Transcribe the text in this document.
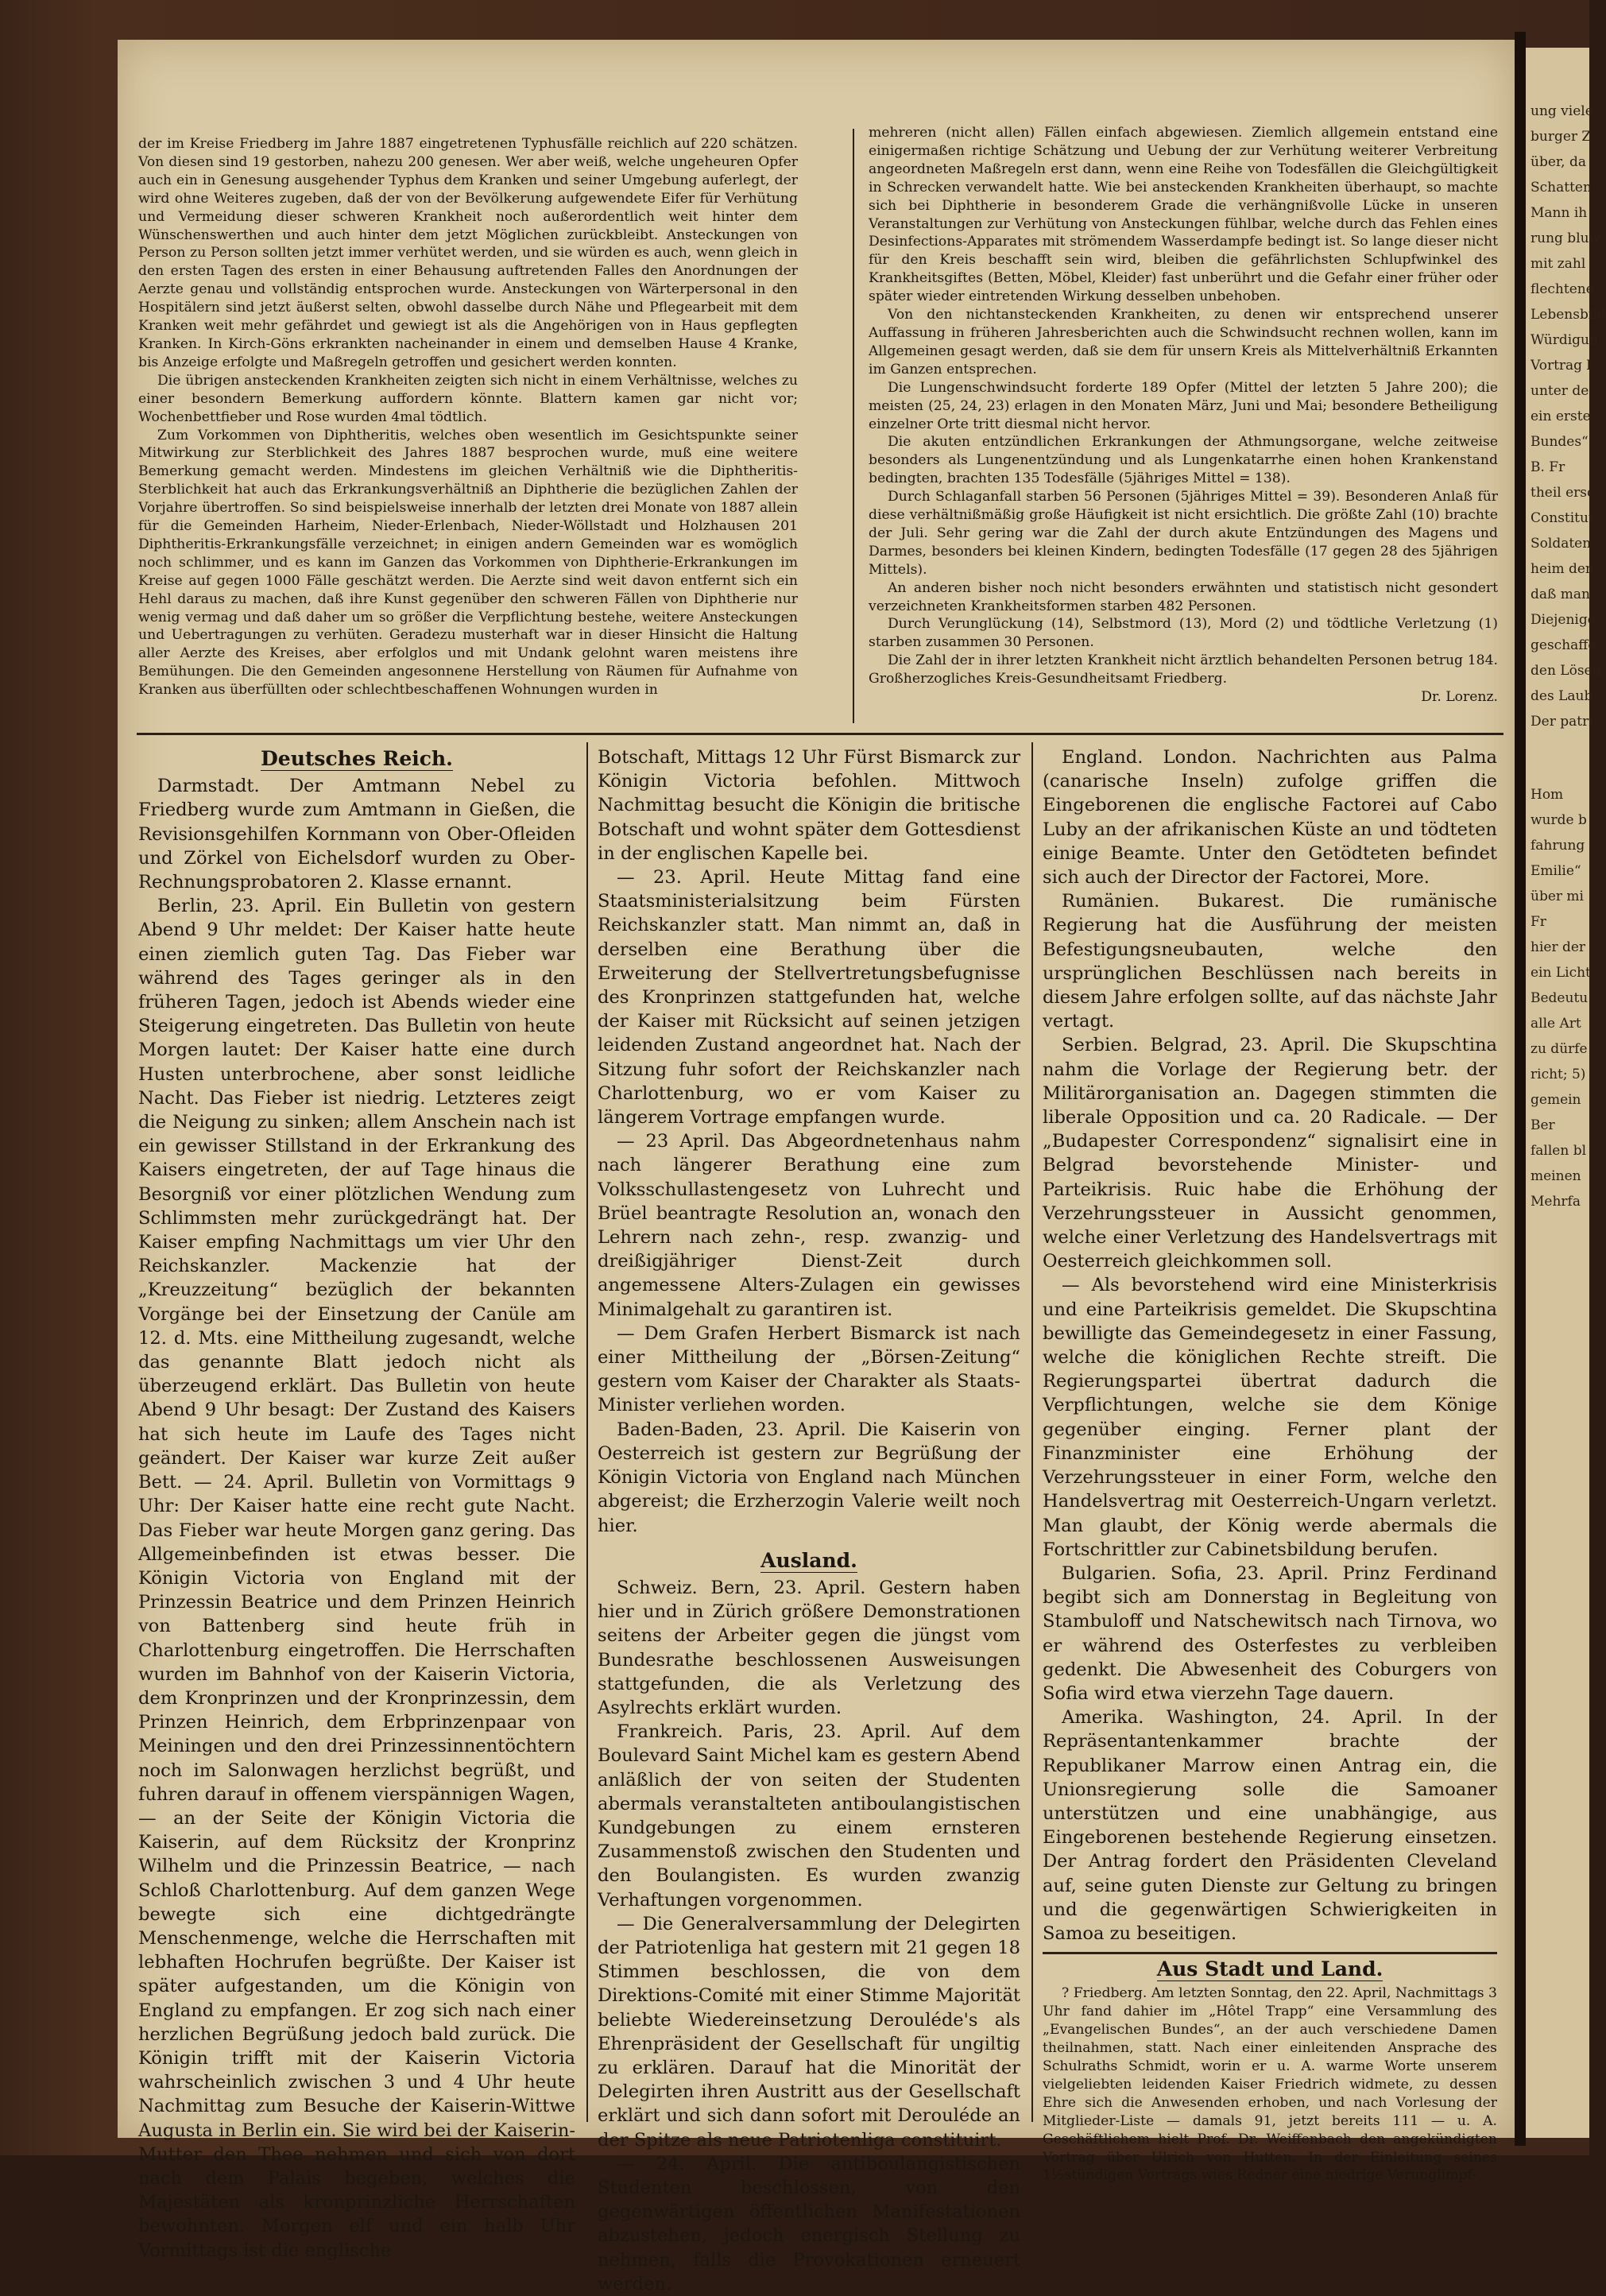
der im Kreise Friedberg im Jahre 1887 eingetretenen Typhusfälle reichlich auf 220 schätzen. Von diesen sind 19 gestorben, nahezu 200 genesen. Wer aber weiß, welche ungeheuren Opfer auch ein in Genesung ausgehender Typhus dem Kranken und seiner Umgebung auferlegt, der wird ohne Weiteres zugeben, daß der von der Bevölkerung aufgewendete Eifer für Verhütung und Vermeidung dieser schweren Krankheit noch außerordentlich weit hinter dem Wünschenswerthen und auch hinter dem jetzt Möglichen zurückbleibt. Ansteckungen von Person zu Person sollten jetzt immer verhütet werden, und sie würden es auch, wenn gleich in den ersten Tagen des ersten in einer Behausung auftretenden Falles den Anordnungen der Aerzte genau und vollständig entsprochen wurde. Ansteckungen von Wärterpersonal in den Hospitälern sind jetzt äußerst selten, obwohl dasselbe durch Nähe und Pflegearbeit mit dem Kranken weit mehr gefährdet und gewiegt ist als die Angehörigen von in Haus gepflegten Kranken. In Kirch-Göns erkrankten nacheinander in einem und demselben Hause 4 Kranke, bis Anzeige erfolgte und Maßregeln getroffen und gesichert werden konnten.

Die übrigen ansteckenden Krankheiten zeigten sich nicht in einem Verhältnisse, welches zu einer besondern Bemerkung auffordern könnte. Blattern kamen gar nicht vor; Wochenbettfieber und Rose wurden 4mal tödtlich.

Zum Vorkommen von Diphtheritis, welches oben wesentlich im Gesichtspunkte seiner Mitwirkung zur Sterblichkeit des Jahres 1887 besprochen wurde, muß eine weitere Bemerkung gemacht werden. Mindestens im gleichen Verhältniß wie die Diphtheritis-Sterblichkeit hat auch das Erkrankungsverhältniß an Diphtherie die bezüglichen Zahlen der Vorjahre übertroffen. So sind beispielsweise innerhalb der letzten drei Monate von 1887 allein für die Gemeinden Harheim, Nieder-Erlenbach, Nieder-Wöllstadt und Holzhausen 201 Diphtheritis-Erkrankungsfälle verzeichnet; in einigen andern Gemeinden war es womöglich noch schlimmer, und es kann im Ganzen das Vorkommen von Diphtherie-Erkrankungen im Kreise auf gegen 1000 Fälle geschätzt werden. Die Aerzte sind weit davon entfernt sich ein Hehl daraus zu machen, daß ihre Kunst gegenüber den schweren Fällen von Diphtherie nur wenig vermag und daß daher um so größer die Verpflichtung bestehe, weitere Ansteckungen und Uebertragungen zu verhüten. Geradezu musterhaft war in dieser Hinsicht die Haltung aller Aerzte des Kreises, aber erfolglos und mit Undank gelohnt waren meistens ihre Bemühungen. Die den Gemeinden angesonnene Herstellung von Räumen für Aufnahme von Kranken aus überfüllten oder schlechtbeschaffenen Wohnungen wurden in

mehreren (nicht allen) Fällen einfach abgewiesen. Ziemlich allgemein entstand eine einigermaßen richtige Schätzung und Uebung der zur Verhütung weiterer Verbreitung angeordneten Maßregeln erst dann, wenn eine Reihe von Todesfällen die Gleichgültigkeit in Schrecken verwandelt hatte. Wie bei ansteckenden Krankheiten überhaupt, so machte sich bei Diphtherie in besonderem Grade die verhängnißvolle Lücke in unseren Veranstaltungen zur Verhütung von Ansteckungen fühlbar, welche durch das Fehlen eines Desinfections-Apparates mit strömendem Wasserdampfe bedingt ist. So lange dieser nicht für den Kreis beschafft sein wird, bleiben die gefährlichsten Schlupfwinkel des Krankheitsgiftes (Betten, Möbel, Kleider) fast unberührt und die Gefahr einer früher oder später wieder eintretenden Wirkung desselben unbehoben.

Von den nichtansteckenden Krankheiten, zu denen wir entsprechend unserer Auffassung in früheren Jahresberichten auch die Schwindsucht rechnen wollen, kann im Allgemeinen gesagt werden, daß sie dem für unsern Kreis als Mittelverhältniß Erkannten im Ganzen entsprechen.

Die Lungenschwindsucht forderte 189 Opfer (Mittel der letzten 5 Jahre 200); die meisten (25, 24, 23) erlagen in den Monaten März, Juni und Mai; besondere Betheiligung einzelner Orte tritt diesmal nicht hervor.

Die akuten entzündlichen Erkrankungen der Athmungsorgane, welche zeitweise besonders als Lungenentzündung und als Lungenkatarrhe einen hohen Krankenstand bedingten, brachten 135 Todesfälle (5jähriges Mittel = 138).

Durch Schlaganfall starben 56 Personen (5jähriges Mittel = 39). Besonderen Anlaß für diese verhältnißmäßig große Häufigkeit ist nicht ersichtlich. Die größte Zahl (10) brachte der Juli. Sehr gering war die Zahl der durch akute Entzündungen des Magens und Darmes, besonders bei kleinen Kindern, bedingten Todesfälle (17 gegen 28 des 5jährigen Mittels).

An anderen bisher noch nicht besonders erwähnten und statistisch nicht gesondert verzeichneten Krankheitsformen starben 482 Personen.

Durch Verunglückung (14), Selbstmord (13), Mord (2) und tödtliche Verletzung (1) starben zusammen 30 Personen.

Die Zahl der in ihrer letzten Krankheit nicht ärztlich behandelten Personen betrug 184. Großherzogliches Kreis-Gesundheitsamt Friedberg.

Dr. Lorenz.
Deutsches Reich.

Darmstadt. Der Amtmann Nebel zu Friedberg wurde zum Amtmann in Gießen, die Revisionsgehilfen Kornmann von Ober-Ofleiden und Zörkel von Eichelsdorf wurden zu Ober-Rechnungsprobatoren 2. Klasse ernannt.

Berlin, 23. April. Ein Bulletin von gestern Abend 9 Uhr meldet: Der Kaiser hatte heute einen ziemlich guten Tag. Das Fieber war während des Tages geringer als in den früheren Tagen, jedoch ist Abends wieder eine Steigerung eingetreten. Das Bulletin von heute Morgen lautet: Der Kaiser hatte eine durch Husten unterbrochene, aber sonst leidliche Nacht. Das Fieber ist niedrig. Letzteres zeigt die Neigung zu sinken; allem Anschein nach ist ein gewisser Stillstand in der Erkrankung des Kaisers eingetreten, der auf Tage hinaus die Besorgniß vor einer plötzlichen Wendung zum Schlimmsten mehr zurückgedrängt hat. Der Kaiser empfing Nachmittags um vier Uhr den Reichskanzler. Mackenzie hat der „Kreuzzeitung“ bezüglich der bekannten Vorgänge bei der Einsetzung der Canüle am 12. d. Mts. eine Mittheilung zugesandt, welche das genannte Blatt jedoch nicht als überzeugend erklärt. Das Bulletin von heute Abend 9 Uhr besagt: Der Zustand des Kaisers hat sich heute im Laufe des Tages nicht geändert. Der Kaiser war kurze Zeit außer Bett. — 24. April. Bulletin von Vormittags 9 Uhr: Der Kaiser hatte eine recht gute Nacht. Das Fieber war heute Morgen ganz gering. Das Allgemeinbefinden ist etwas besser. Die Königin Victoria von England mit der Prinzessin Beatrice und dem Prinzen Heinrich von Battenberg sind heute früh in Charlottenburg eingetroffen. Die Herrschaften wurden im Bahnhof von der Kaiserin Victoria, dem Kronprinzen und der Kronprinzessin, dem Prinzen Heinrich, dem Erbprinzenpaar von Meiningen und den drei Prinzessinnentöchtern noch im Salonwagen herzlichst begrüßt, und fuhren darauf in offenem vierspännigen Wagen, — an der Seite der Königin Victoria die Kaiserin, auf dem Rücksitz der Kronprinz Wilhelm und die Prinzessin Beatrice, — nach Schloß Charlottenburg. Auf dem ganzen Wege bewegte sich eine dichtgedrängte Menschenmenge, welche die Herrschaften mit lebhaften Hochrufen begrüßte. Der Kaiser ist später aufgestanden, um die Königin von England zu empfangen. Er zog sich nach einer herzlichen Begrüßung jedoch bald zurück. Die Königin trifft mit der Kaiserin Victoria wahrscheinlich zwischen 3 und 4 Uhr heute Nachmittag zum Besuche der Kaiserin-Wittwe Augusta in Berlin ein. Sie wird bei der Kaiserin-Mutter den Thee nehmen und sich von dort nach dem Palais begeben, welches die Majestäten als kronprinzliche Herrschaften bewohnten. Morgen elf und ein halb Uhr Vormittags ist die englische

Botschaft, Mittags 12 Uhr Fürst Bismarck zur Königin Victoria befohlen. Mittwoch Nachmittag besucht die Königin die britische Botschaft und wohnt später dem Gottesdienst in der englischen Kapelle bei.

— 23. April. Heute Mittag fand eine Staatsministerialsitzung beim Fürsten Reichskanzler statt. Man nimmt an, daß in derselben eine Berathung über die Erweiterung der Stellvertretungsbefugnisse des Kronprinzen stattgefunden hat, welche der Kaiser mit Rücksicht auf seinen jetzigen leidenden Zustand angeordnet hat. Nach der Sitzung fuhr sofort der Reichskanzler nach Charlottenburg, wo er vom Kaiser zu längerem Vortrage empfangen wurde.

— 23 April. Das Abgeordnetenhaus nahm nach längerer Berathung eine zum Volksschullastengesetz von Luhrecht und Brüel beantragte Resolution an, wonach den Lehrern nach zehn-, resp. zwanzig- und dreißigjähriger Dienst-Zeit durch angemessene Alters-Zulagen ein gewisses Minimalgehalt zu garantiren ist.

— Dem Grafen Herbert Bismarck ist nach einer Mittheilung der „Börsen-Zeitung“ gestern vom Kaiser der Charakter als Staats-Minister verliehen worden.

Baden-Baden, 23. April. Die Kaiserin von Oesterreich ist gestern zur Begrüßung der Königin Victoria von England nach München abgereist; die Erzherzogin Valerie weilt noch hier.

Ausland.

Schweiz. Bern, 23. April. Gestern haben hier und in Zürich größere Demonstrationen seitens der Arbeiter gegen die jüngst vom Bundesrathe beschlossenen Ausweisungen stattgefunden, die als Verletzung des Asylrechts erklärt wurden.

Frankreich. Paris, 23. April. Auf dem Boulevard Saint Michel kam es gestern Abend anläßlich der von seiten der Studenten abermals veranstalteten antiboulangistischen Kundgebungen zu einem ernsteren Zusammenstoß zwischen den Studenten und den Boulangisten. Es wurden zwanzig Verhaftungen vorgenommen.

— Die Generalversammlung der Delegirten der Patriotenliga hat gestern mit 21 gegen 18 Stimmen beschlossen, die von dem Direktions-Comité mit einer Stimme Majorität beliebte Wiedereinsetzung Derouléde's als Ehrenpräsident der Gesellschaft für ungiltig zu erklären. Darauf hat die Minorität der Delegirten ihren Austritt aus der Gesellschaft erklärt und sich dann sofort mit Derouléde an der Spitze als neue Patriotenliga constituirt.

— 24. April. Die antiboulangistischen Studenten beschlossen, von den gegenwärtigen öffentlichen Manifestationen abzustehen, jedoch energisch Stellung zu nehmen, falls die Provokationen erneuert werden.

England. London. Nachrichten aus Palma (canarische Inseln) zufolge griffen die Eingeborenen die englische Factorei auf Cabo Luby an der afrikanischen Küste an und tödteten einige Beamte. Unter den Getödteten befindet sich auch der Director der Factorei, More.

Rumänien. Bukarest. Die rumänische Regierung hat die Ausführung der meisten Befestigungsneubauten, welche den ursprünglichen Beschlüssen nach bereits in diesem Jahre erfolgen sollte, auf das nächste Jahr vertagt.

Serbien. Belgrad, 23. April. Die Skupschtina nahm die Vorlage der Regierung betr. der Militärorganisation an. Dagegen stimmten die liberale Opposition und ca. 20 Radicale. — Der „Budapester Correspondenz“ signalisirt eine in Belgrad bevorstehende Minister- und Parteikrisis. Ruic habe die Erhöhung der Verzehrungssteuer in Aussicht genommen, welche einer Verletzung des Handelsvertrags mit Oesterreich gleichkommen soll.

— Als bevorstehend wird eine Ministerkrisis und eine Parteikrisis gemeldet. Die Skupschtina bewilligte das Gemeindegesetz in einer Fassung, welche die königlichen Rechte streift. Die Regierungspartei übertrat dadurch die Verpflichtungen, welche sie dem Könige gegenüber einging. Ferner plant der Finanzminister eine Erhöhung der Verzehrungssteuer in einer Form, welche den Handelsvertrag mit Oesterreich-Ungarn verletzt. Man glaubt, der König werde abermals die Fortschrittler zur Cabinetsbildung berufen.

Bulgarien. Sofia, 23. April. Prinz Ferdinand begibt sich am Donnerstag in Begleitung von Stambuloff und Natschewitsch nach Tirnova, wo er während des Osterfestes zu verbleiben gedenkt. Die Abwesenheit des Coburgers von Sofia wird etwa vierzehn Tage dauern.

Amerika. Washington, 24. April. In der Repräsentantenkammer brachte der Republikaner Marrow einen Antrag ein, die Unionsregierung solle die Samoaner unterstützen und eine unabhängige, aus Eingeborenen bestehende Regierung einsetzen. Der Antrag fordert den Präsidenten Cleveland auf, seine guten Dienste zur Geltung zu bringen und die gegenwärtigen Schwierigkeiten in Samoa zu beseitigen.

Aus Stadt und Land.

? Friedberg. Am letzten Sonntag, den 22. April, Nachmittags 3 Uhr fand dahier im „Hôtel Trapp“ eine Versammlung des „Evangelischen Bundes“, an der auch verschiedene Damen theilnahmen, statt. Nach einer einleitenden Ansprache des Schulraths Schmidt, worin er u. A. warme Worte unserem vielgeliebten leidenden Kaiser Friedrich widmete, zu dessen Ehre sich die Anwesenden erhoben, und nach Vorlesung der Mitglieder-Liste — damals 91, jetzt bereits 111 — u. A. Geschäftlichem hielt Prof. Dr. Weiffenbach den angekündigten Vortrag über Ulrich von Hutten. In der Einleitung seines 1½stündigen Vortrags wies Redner eine niedrige Verunglimpf-

ung viele
burger Z
über, da
Schatten
Mann ih
rung bluw
mit zahl
flechtene
Lebensbild
Würdigun
Vortrag l
unter de
ein erste
Bundes“
B. Fr
theil ersc
Constitut
Soldaten
heim den
daß man
Diejenige
geschaffe
den Lösen
des Laub
Der patri
Hom
wurde b
fahrung
Emilie“
über mi
Fr
hier der
ein Licht
Bedeutu
alle Art
zu dürfe
richt; 5)
gemein
Ber
fallen bl
meinen
Mehrfa
